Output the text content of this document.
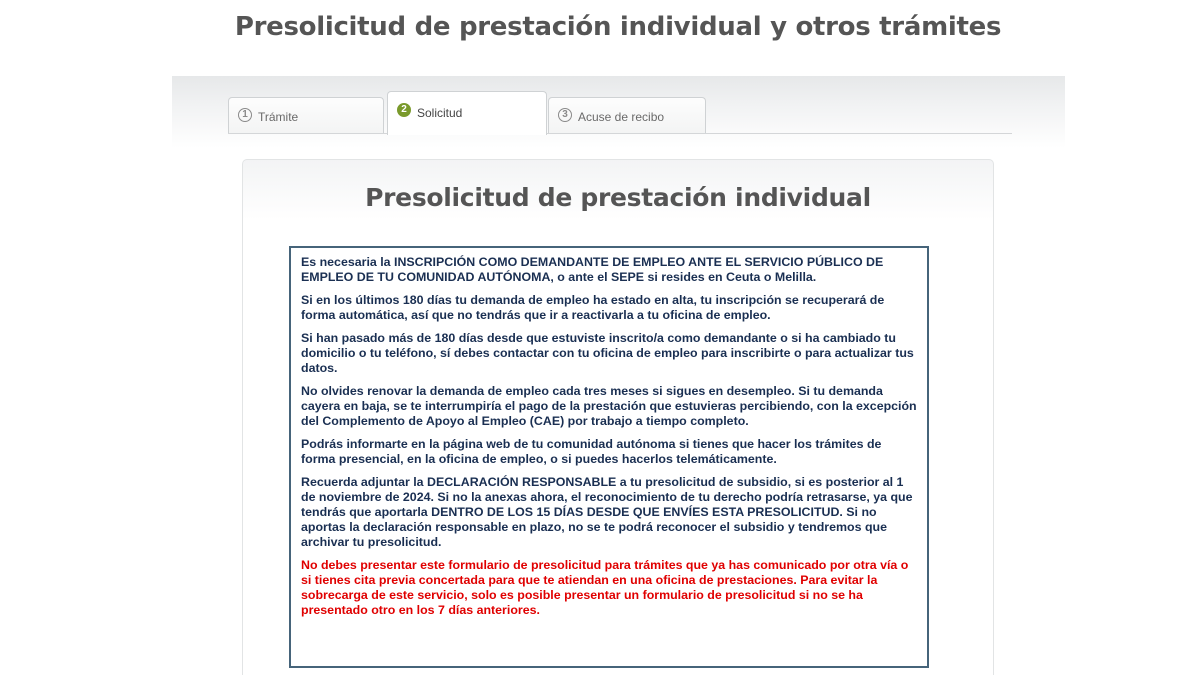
Presolicitud de prestación individual y otros trámites
1 Trámite
2 Solicitud	3 Acuse de recibo
Presolicitud de prestación individual

Es necesaria la INSCRIPCIÓN COMO DEMANDANTE DE EMPLEO ANTE EL SERVICIO PÚBLICO DE EMPLEO DE TU COMUNIDAD AUTÓNOMA, o ante el SEPE si resides en Ceuta o Melilla.

Si en los últimos 180 días tu demanda de empleo ha estado en alta, tu inscripción se recuperará de forma automática, así que no tendrás que ir a reactivarla a tu oficina de empleo.

Si han pasado más de 180 días desde que estuviste inscrito/a como demandante o si ha cambiado tu domicilio o tu teléfono, sí debes contactar con tu oficina de empleo para inscribirte o para actualizar tus datos.

No olvides renovar la demanda de empleo cada tres meses si sigues en desempleo. Si tu demanda cayera en baja, se te interrumpiría el pago de la prestación que estuvieras percibiendo, con la excepción del Complemento de Apoyo al Empleo (CAE) por trabajo a tiempo completo.

Podrás informarte en la página web de tu comunidad autónoma si tienes que hacer los trámites de forma presencial, en la oficina de empleo, o si puedes hacerlos telemáticamente.

Recuerda adjuntar la DECLARACIÓN RESPONSABLE a tu presolicitud de subsidio, si es posterior al 1 de noviembre de 2024. Si no la anexas ahora, el reconocimiento de tu derecho podría retrasarse, ya que tendrás que aportarla DENTRO DE LOS 15 DÍAS DESDE QUE ENVÍES ESTA PRESOLICITUD. Si no aportas la declaración responsable en plazo, no se te podrá reconocer el subsidio y tendremos que archivar tu presolicitud.

No debes presentar este formulario de presolicitud para trámites que ya has comunicado por otra vía o si tienes cita previa concertada para que te atiendan en una oficina de prestaciones. Para evitar la sobrecarga de este servicio, solo es posible presentar un formulario de presolicitud si no se ha presentado otro en los 7 días anteriores.
